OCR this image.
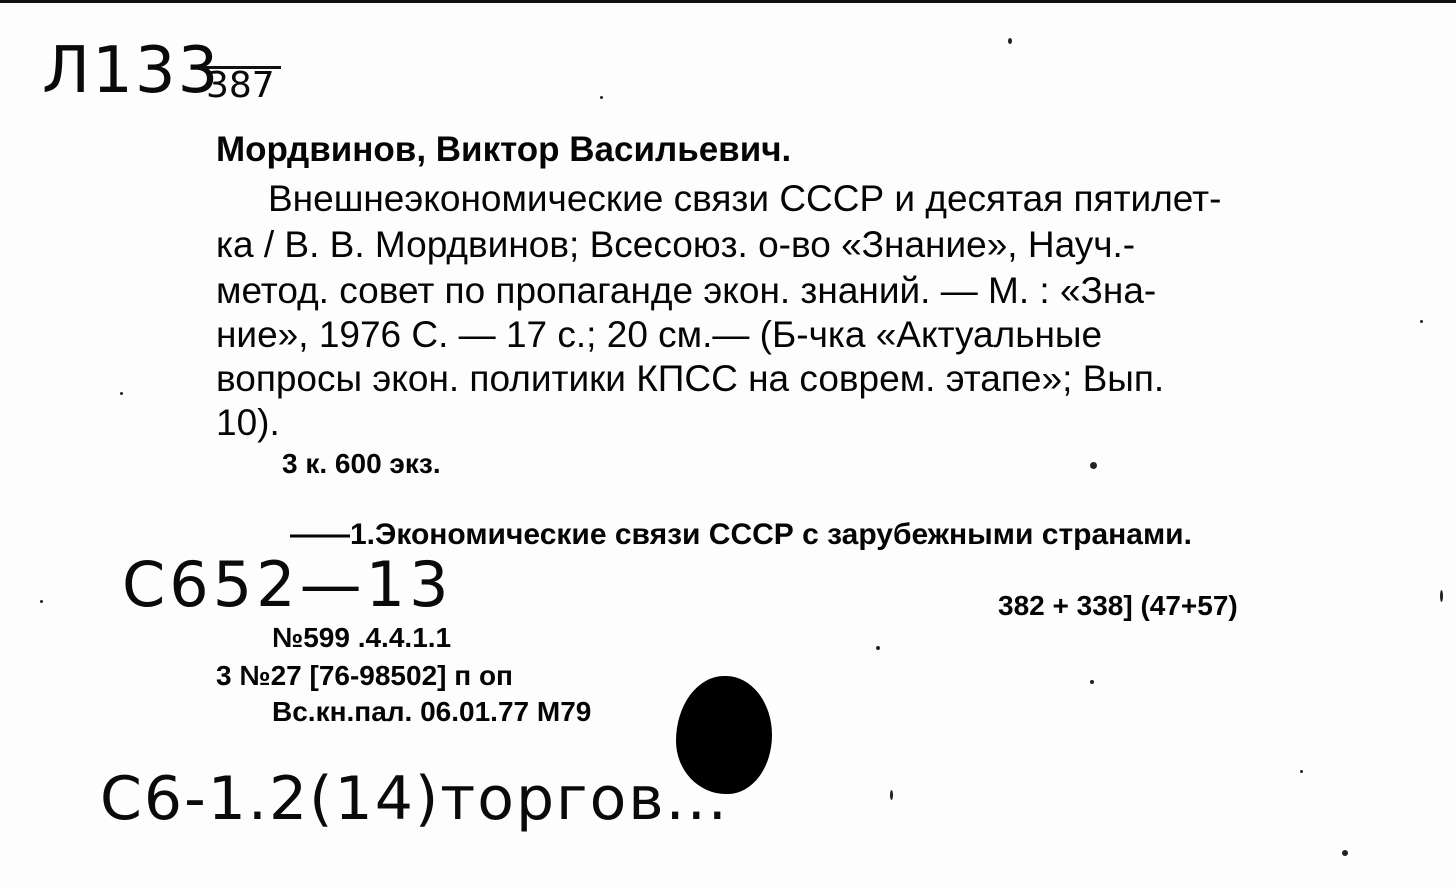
Л133
387
Мордвинов, Виктор Васильевич.
Внешнеэкономические связи СССР и десятая пятилет-
ка / В. В. Мордвинов; Всесоюз. о-во «Знание», Науч.-
метод. совет по пропаганде экон. знаний. — М. : «Зна-
ние», 1976 С. — 17 с.; 20 см.— (Б-чка «Актуальные
вопросы экон. политики КПСС на соврем. этапе»; Вып.
10).
3 к. 600 экз.
——1.Экономические связи СССР с зарубежными странами.
С652—13	382 + 338] (47+57)
№599 .4.4.1.1
3 №27 [76-98502] п оп
Вс.кн.пал. 06.01.77 M79
С6-1.2(14)торгов...
